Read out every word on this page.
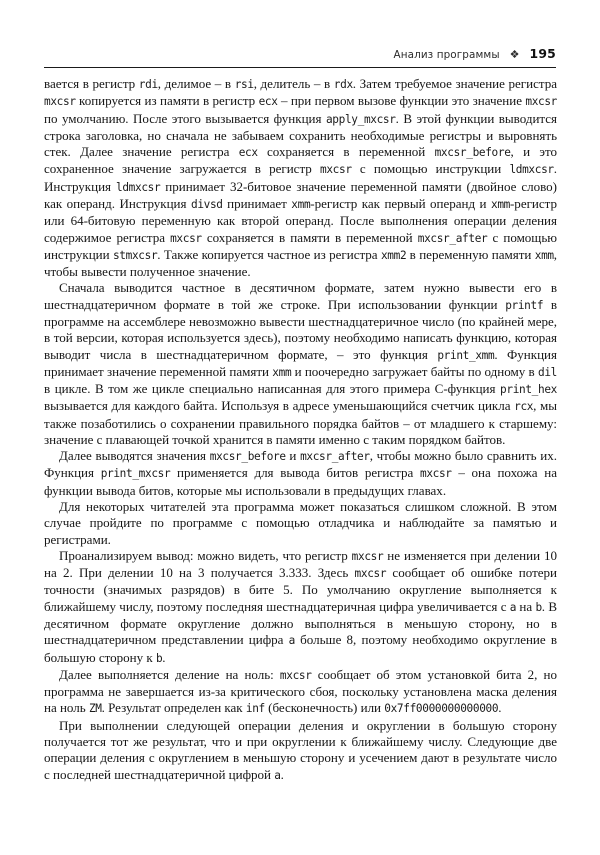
Анализ программы ❖ 195

вается в регистр rdi, делимое – в rsi, делитель – в rdx. Затем требуемое значение регистра mxcsr копируется из памяти в регистр ecx – при первом вызове функции это значение mxcsr по умолчанию. После этого вызывается функция apply_mxcsr. В этой функции выводится строка заголовка, но сначала не забываем сохранить необходимые регистры и выровнять стек. Далее значение регистра ecx сохраняется в переменной mxcsr_before, и это сохраненное значение загружается в регистр mxcsr с помощью инструкции ldmxcsr. Инструкция ldmxcsr принимает 32-битовое значение переменной памяти (двойное слово) как операнд. Инструкция divsd принимает xmm-регистр как первый операнд и xmm-регистр или 64-битовую переменную как второй операнд. После выполнения операции деления содержимое регистра mxcsr сохраняется в памяти в переменной mxcsr_after с помощью инструкции stmxcsr. Также копируется частное из регистра xmm2 в переменную памяти xmm, чтобы вывести полученное значение.

Сначала выводится частное в десятичном формате, затем нужно вывести его в шестнадцатеричном формате в той же строке. При использовании функции printf в программе на ассемблере невозможно вывести шестнадцатеричное число (по крайней мере, в той версии, которая используется здесь), поэтому необходимо написать функцию, которая выводит числа в шестнадцатеричном формате, – это функция print_xmm. Функция принимает значение переменной памяти xmm и поочередно загружает байты по одному в dil в цикле. В том же цикле специально написанная для этого примера C-функция print_hex вызывается для каждого байта. Используя в адресе уменьшающийся счетчик цикла rcx, мы также позаботились о сохранении правильного порядка байтов – от младшего к старшему: значение с плавающей точкой хранится в памяти именно с таким порядком байтов.

Далее выводятся значения mxcsr_before и mxcsr_after, чтобы можно было сравнить их. Функция print_mxcsr применяется для вывода битов регистра mxcsr – она похожа на функции вывода битов, которые мы использовали в предыдущих главах.

Для некоторых читателей эта программа может показаться слишком сложной. В этом случае пройдите по программе с помощью отладчика и наблюдайте за памятью и регистрами.

Проанализируем вывод: можно видеть, что регистр mxcsr не изменяется при делении 10 на 2. При делении 10 на 3 получается 3.333. Здесь mxcsr сообщает об ошибке потери точности (значимых разрядов) в бите 5. По умолчанию округление выполняется к ближайшему числу, поэтому последняя шестнадцатеричная цифра увеличивается с a на b. В десятичном формате округление должно выполняться в меньшую сторону, но в шестнадцатеричном представлении цифра a больше 8, поэтому необходимо округление в большую сторону к b.

Далее выполняется деление на ноль: mxcsr сообщает об этом установкой бита 2, но программа не завершается из-за критического сбоя, поскольку установлена маска деления на ноль ZM. Результат определен как inf (бесконечность) или 0x7ff0000000000000.

При выполнении следующей операции деления и округлении в большую сторону получается тот же результат, что и при округлении к ближайшему числу. Следующие две операции деления с округлением в меньшую сторону и усечением дают в результате число с последней шестнадцатеричной цифрой a.
